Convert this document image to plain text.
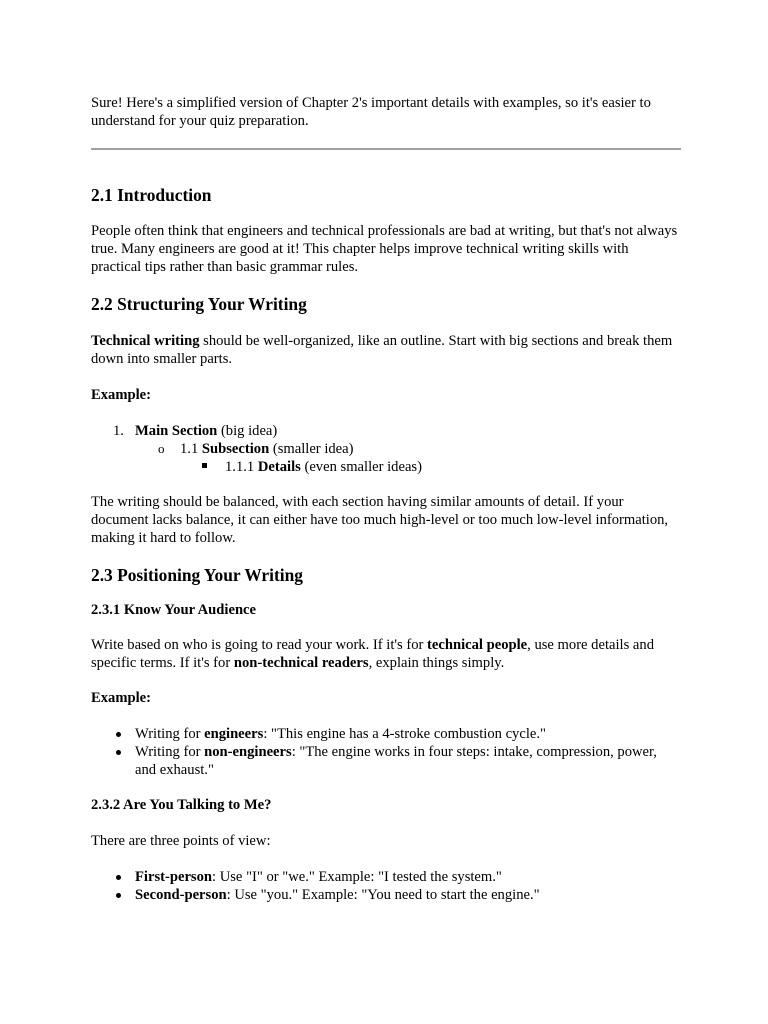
Sure! Here's a simplified version of Chapter 2's important details with examples, so it's easier to understand for your quiz preparation.

2.1 Introduction

People often think that engineers and technical professionals are bad at writing, but that's not always true. Many engineers are good at it! This chapter helps improve technical writing skills with practical tips rather than basic grammar rules.

2.2 Structuring Your Writing

Technical writing should be well-organized, like an outline. Start with big sections and break them down into smaller parts.

Example:

1. Main Section (big idea)
o 1.1 Subsection (smaller idea)
1.1.1 Details (even smaller ideas)

The writing should be balanced, with each section having similar amounts of detail. If your document lacks balance, it can either have too much high-level or too much low-level information, making it hard to follow.

2.3 Positioning Your Writing
2.3.1 Know Your Audience

Write based on who is going to read your work. If it's for technical people, use more details and specific terms. If it's for non-technical readers, explain things simply.

Example:

Writing for engineers: "This engine has a 4-stroke combustion cycle."
Writing for non-engineers: "The engine works in four steps: intake, compression, power, and exhaust."
2.3.2 Are You Talking to Me?

There are three points of view:

First-person: Use "I" or "we." Example: "I tested the system."
Second-person: Use "you." Example: "You need to start the engine."
